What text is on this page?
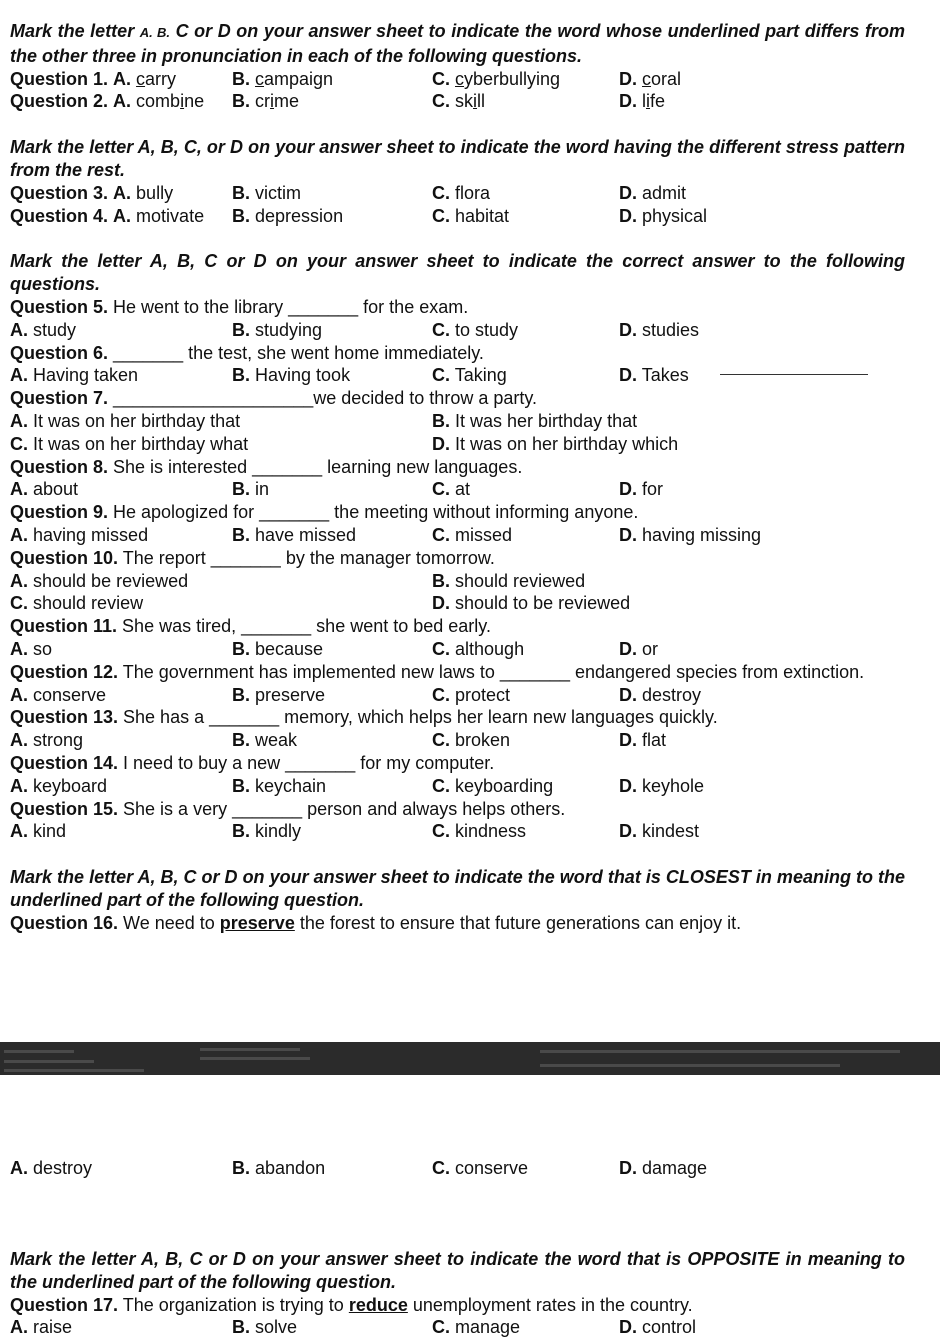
Mark the letter A. B. C or D on your answer sheet to indicate the word whose underlined part differs from the other three in pronunciation in each of the following questions.
Question 1. A. carry	B. campaign	C. cyberbullying	D. coral
Question 2. A. combine B. crime	C. skill	D. life
Mark the letter A, B, C, or D on your answer sheet to indicate the word having the different stress pattern from the rest.
Question 3. A. bully	B. victim	C. flora	D. admit
Question 4. A. motivate B. depression	C. habitat	D. physical
Mark the letter A, B, C or D on your answer sheet to indicate the correct answer to the following questions.
Question 5. He went to the library _______ for the exam.
A. study	B. studying	C. to study	D. studies
Question 6. _______ the test, she went home immediately.
A. Having taken	B. Having took	C. Taking	D. Takes
Question 7. ____________________we decided to throw a party.
A. It was on her birthday that	B. It was her birthday that
C. It was on her birthday what	D. It was on her birthday which
Question 8. She is interested _______ learning new languages.
A. about	B. in	C. at	D. for
Question 9. He apologized for _______ the meeting without informing anyone.
A. having missed	B. have missed	C. missed	D. having missing
Question 10. The report _______ by the manager tomorrow.
A. should be reviewed	B. should reviewed
C. should review	D. should to be reviewed
Question 11. She was tired, _______ she went to bed early.
A. so	B. because	C. although	D. or
Question 12. The government has implemented new laws to _______ endangered species from extinction.
A. conserve	B. preserve	C. protect	D. destroy
Question 13. She has a _______ memory, which helps her learn new languages quickly.
A. strong	B. weak	C. broken	D. flat
Question 14. I need to buy a new _______ for my computer.
A. keyboard	B. keychain	C. keyboarding	D. keyhole
Question 15. She is a very _______ person and always helps others.
A. kind	B. kindly	C. kindness	D. kindest
Mark the letter A, B, C or D on your answer sheet to indicate the word that is CLOSEST in meaning to the underlined part of the following question.
Question 16. We need to preserve the forest to ensure that future generations can enjoy it.
A. destroy	B. abandon	C. conserve	D. damage
Mark the letter A, B, C or D on your answer sheet to indicate the word that is OPPOSITE in meaning to the underlined part of the following question.
Question 17. The organization is trying to reduce unemployment rates in the country.
A. raise	B. solve	C. manage	D. control
